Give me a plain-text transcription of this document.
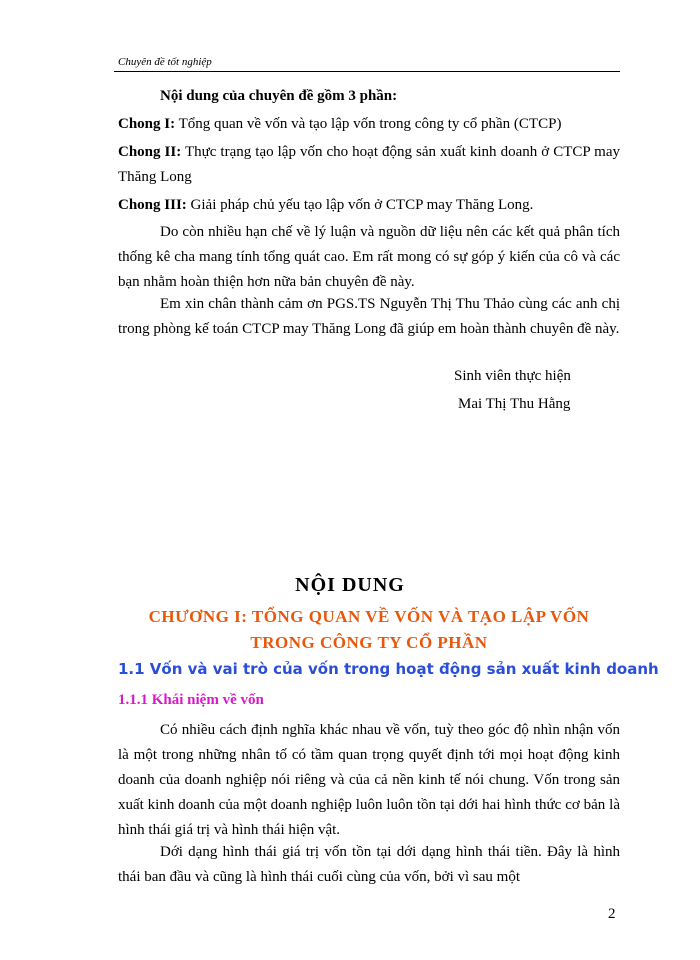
Chuyên đề tốt nghiệp

Nội dung của chuyên đề gồm 3 phần:

Chong I: Tổng quan về vốn và tạo lập vốn trong công ty cổ phần (CTCP)

Chong II: Thực trạng tạo lập vốn cho hoạt động sản xuất kinh doanh ở CTCP may Thăng Long

Chong III: Giải pháp chủ yếu tạo lập vốn ở CTCP may Thăng Long.

Do còn nhiều hạn chế về lý luận và nguồn dữ liệu nên các kết quả phân tích thống kê cha mang tính tổng quát cao. Em rất mong có sự góp ý kiến của cô và các bạn nhằm hoàn thiện hơn nữa bản chuyên đề này.

Em xin chân thành cảm ơn PGS.TS Nguyễn Thị Thu Thảo cùng các anh chị trong phòng kế toán CTCP may Thăng Long đã giúp em hoàn thành chuyên đề này.

Sinh viên thực hiện
Mai Thị Thu Hằng
NỘI DUNG
CHƯƠNG I: TỔNG QUAN VỀ VỐN VÀ TẠO LẬP VỐN
TRONG CÔNG TY CỔ PHẦN
1.1 Vốn và vai trò của vốn trong hoạt động sản xuất kinh doanh
1.1.1 Khái niệm về vốn

Có nhiều cách định nghĩa khác nhau về vốn, tuỳ theo góc độ nhìn nhận vốn là một trong những nhân tố có tầm quan trọng quyết định tới mọi hoạt động kinh doanh của doanh nghiệp nói riêng và của cả nền kinh tế nói chung. Vốn trong sản xuất kinh doanh của một doanh nghiệp luôn luôn tồn tại dới hai hình thức cơ bản là hình thái giá trị và hình thái hiện vật.

Dới dạng hình thái giá trị vốn tồn tại dới dạng hình thái tiền. Đây là hình thái ban đầu và cũng là hình thái cuối cùng của vốn, bởi vì sau một

2
